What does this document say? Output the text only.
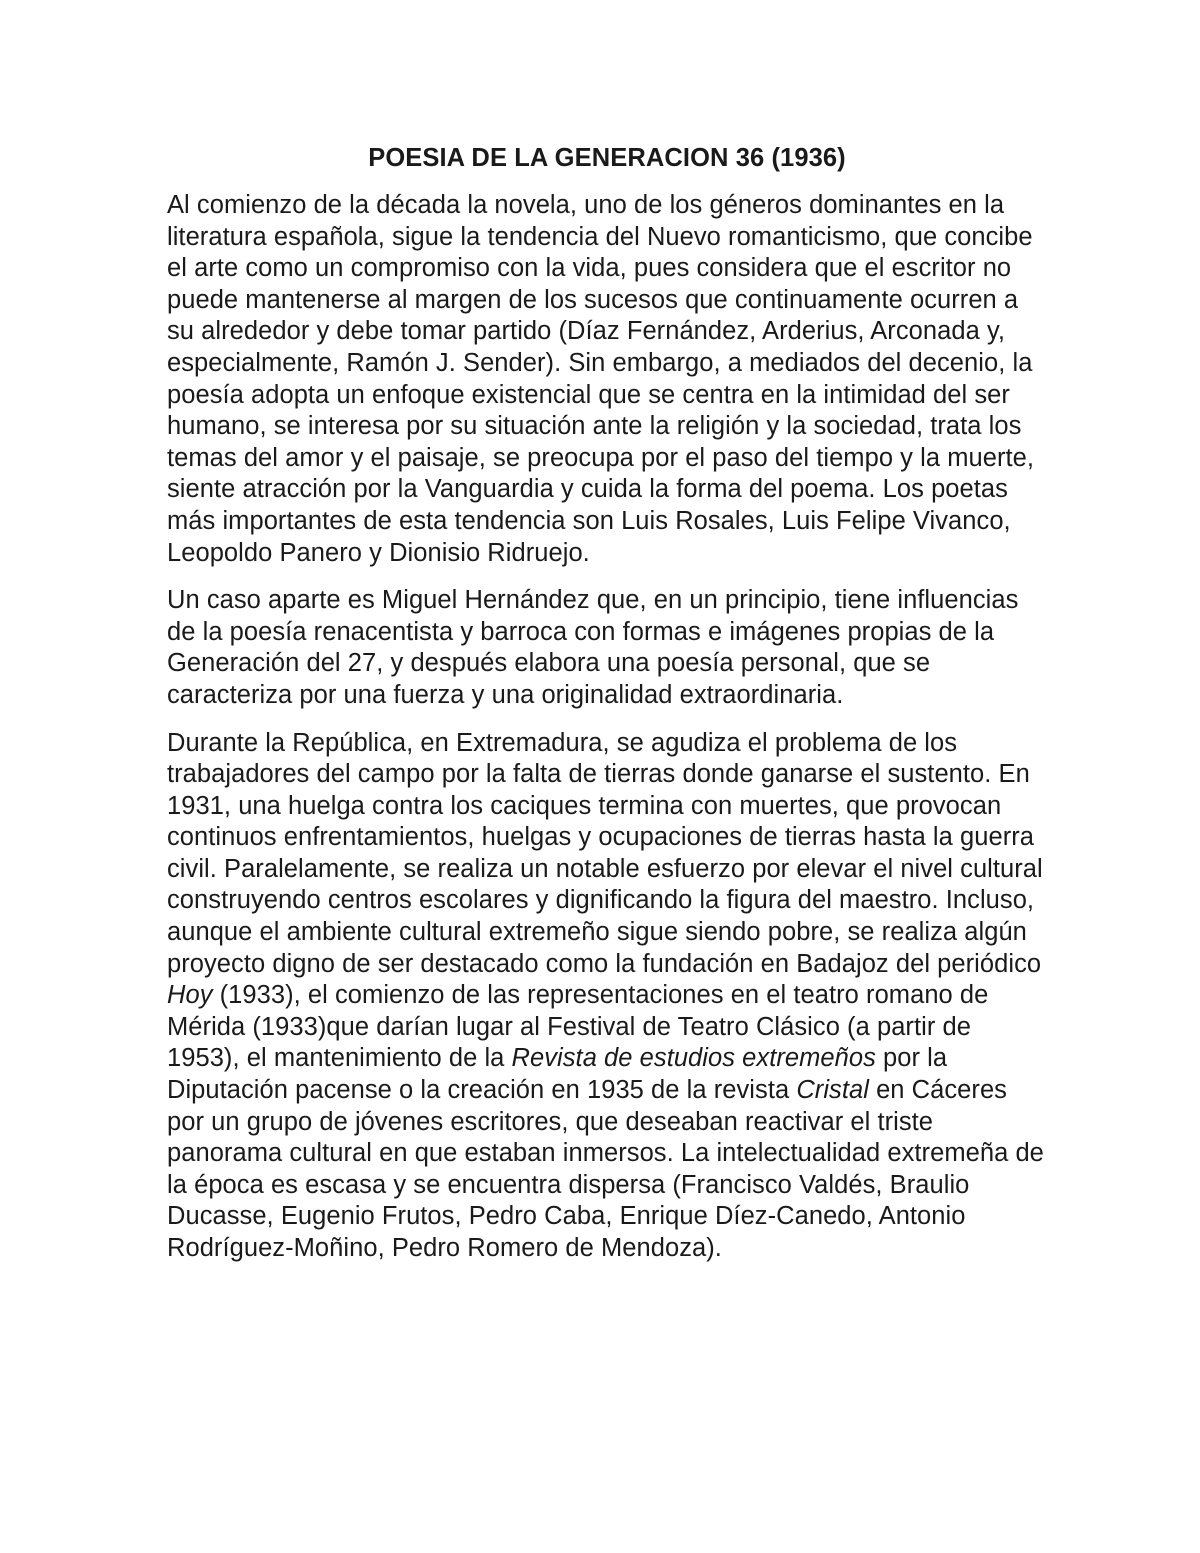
POESIA DE LA GENERACION 36 (1936)

Al comienzo de la década la novela, uno de los géneros dominantes en la literatura española, sigue la tendencia del Nuevo romanticismo, que concibe el arte como un compromiso con la vida, pues considera que el escritor no puede mantenerse al margen de los sucesos que continuamente ocurren a su alrededor y debe tomar partido (Díaz Fernández, Arderius, Arconada y, especialmente, Ramón J. Sender). Sin embargo, a mediados del decenio, la poesía adopta un enfoque existencial que se centra en la intimidad del ser humano, se interesa por su situación ante la religión y la sociedad, trata los temas del amor y el paisaje, se preocupa por el paso del tiempo y la muerte, siente atracción por la Vanguardia y cuida la forma del poema. Los poetas más importantes de esta tendencia son Luis Rosales, Luis Felipe Vivanco, Leopoldo Panero y Dionisio Ridruejo.

Un caso aparte es Miguel Hernández que, en un principio, tiene influencias de la poesía renacentista y barroca con formas e imágenes propias de la Generación del 27, y después elabora una poesía personal, que se caracteriza por una fuerza y una originalidad extraordinaria.

Durante la República, en Extremadura, se agudiza el problema de los trabajadores del campo por la falta de tierras donde ganarse el sustento. En 1931, una huelga contra los caciques termina con muertes, que provocan continuos enfrentamientos, huelgas y ocupaciones de tierras hasta la guerra civil. Paralelamente, se realiza un notable esfuerzo por elevar el nivel cultural construyendo centros escolares y dignificando la figura del maestro. Incluso, aunque el ambiente cultural extremeño sigue siendo pobre, se realiza algún proyecto digno de ser destacado como la fundación en Badajoz del periódico Hoy (1933), el comienzo de las representaciones en el teatro romano de Mérida (1933)que darían lugar al Festival de Teatro Clásico (a partir de 1953), el mantenimiento de la Revista de estudios extremeños por la Diputación pacense o la creación en 1935 de la revista Cristal en Cáceres por un grupo de jóvenes escritores, que deseaban reactivar el triste panorama cultural en que estaban inmersos. La intelectualidad extremeña de la época es escasa y se encuentra dispersa (Francisco Valdés, Braulio Ducasse, Eugenio Frutos, Pedro Caba, Enrique Díez-Canedo, Antonio Rodríguez-Moñino, Pedro Romero de Mendoza).
